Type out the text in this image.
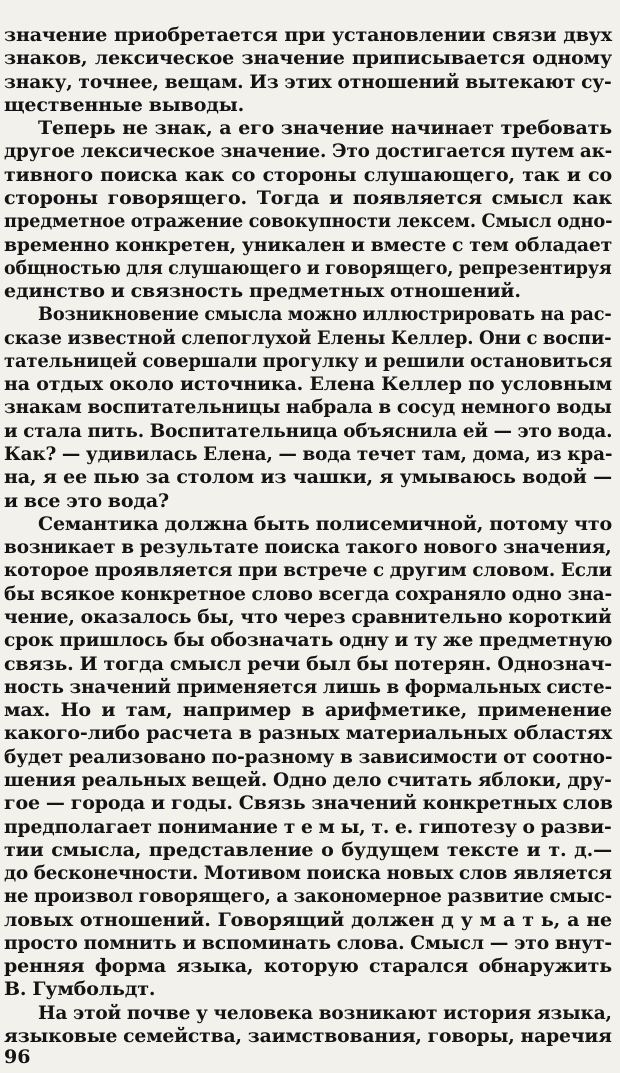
значение приобретается при установлении связи двух

знаков, лексическое значение приписывается одному

знаку, точнее, вещам. Из этих отношений вытекают су-

щественные выводы.

Теперь не знак, а его значение начинает требовать

другое лексическое значение. Это достигается путем ак-

тивного поиска как со стороны слушающего, так и со

стороны говорящего. Тогда и появляется смысл как

предметное отражение совокупности лексем. Смысл одно-

временно конкретен, уникален и вместе с тем обладает

общностью для слушающего и говорящего, репрезентируя

единство и связность предметных отношений.

Возникновение смысла можно иллюстрировать на рас-

сказе известной слепоглухой Елены Келлер. Они с воспи-

тательницей совершали прогулку и решили остановиться

на отдых около источника. Елена Келлер по условным

знакам воспитательницы набрала в сосуд немного воды

и стала пить. Воспитательница объяснила ей — это вода.

Как? — удивилась Елена, — вода течет там, дома, из кра-

на, я ее пью за столом из чашки, я умываюсь водой —

и все это вода?

Семантика должна быть полисемичной, потому что

возникает в результате поиска такого нового значения,

которое проявляется при встрече с другим словом. Если

бы всякое конкретное слово всегда сохраняло одно зна-

чение, оказалось бы, что через сравнительно короткий

срок пришлось бы обозначать одну и ту же предметную

связь. И тогда смысл речи был бы потерян. Однознач-

ность значений применяется лишь в формальных систе-

мах. Но и там, например в арифметике, применение

какого-либо расчета в разных материальных областях

будет реализовано по-разному в зависимости от соотно-

шения реальных вещей. Одно дело считать яблоки, дру-

гое — города и годы. Связь значений конкретных слов

предполагает понимание т е м ы, т. е. гипотезу о разви-

тии смысла, представление о будущем тексте и т. д.—

до бесконечности. Мотивом поиска новых слов является

не произвол говорящего, а закономерное развитие смыс-

ловых отношений. Говорящий должен д у м а т ь, а не

просто помнить и вспоминать слова. Смысл — это внут-

ренняя форма языка, которую старался обнаружить

В. Гумбольдт.

На этой почве у человека возникают история языка,

языковые семейства, заимствования, говоры, наречия

96
